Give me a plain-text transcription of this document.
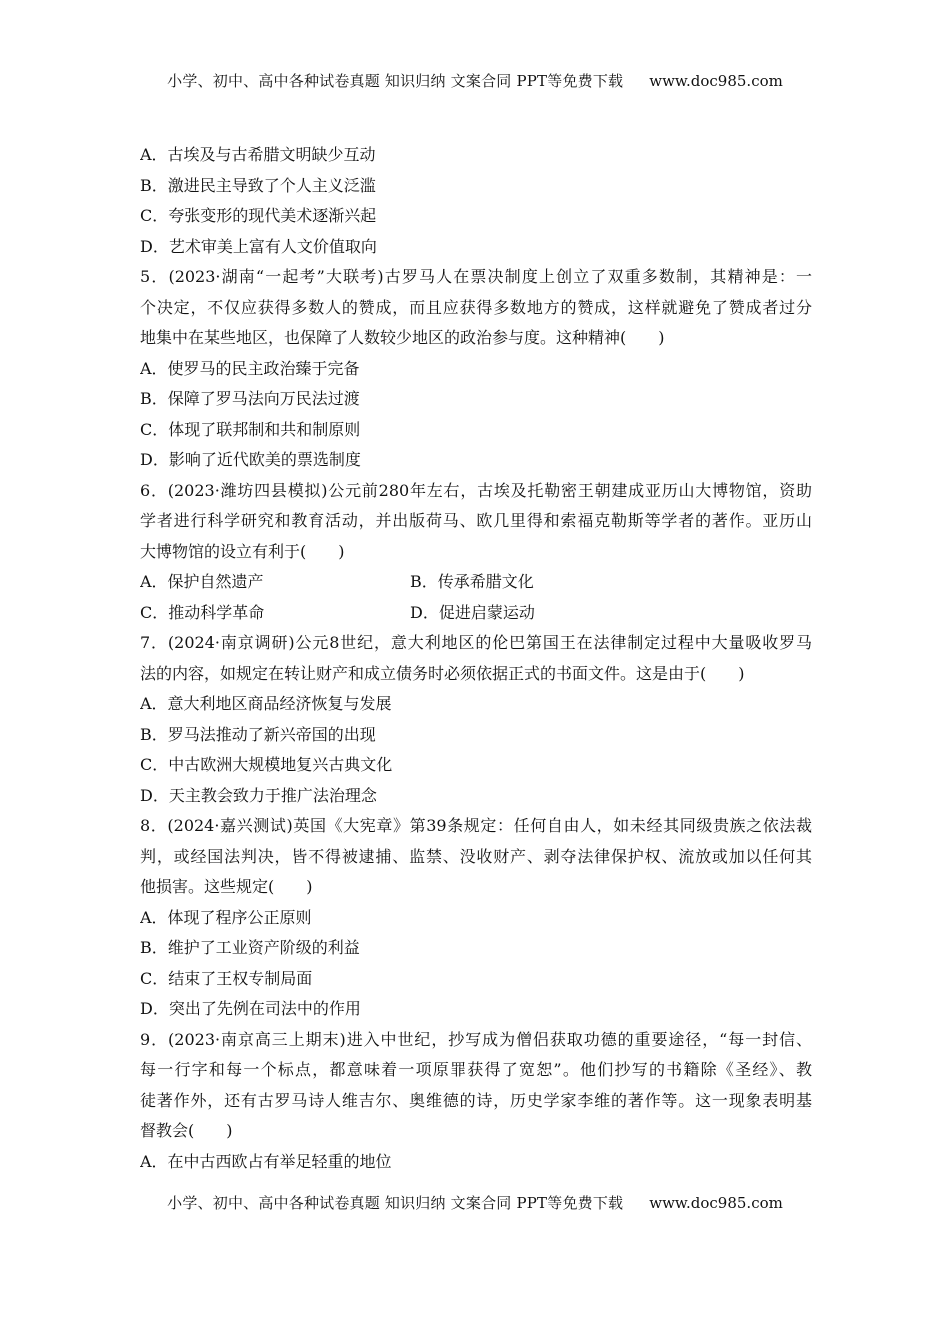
小学、初中、高中各种试卷真题 知识归纳 文案合同 PPT等免费下载 www.doc985.com
A．古埃及与古希腊文明缺少互动
B．激进民主导致了个人主义泛滥
C．夸张变形的现代美术逐渐兴起
D．艺术审美上富有人文价值取向
5．(2023·湖南“一起考”大联考)古罗马人在票决制度上创立了双重多数制，其精神是：一
个决定，不仅应获得多数人的赞成，而且应获得多数地方的赞成，这样就避免了赞成者过分
地集中在某些地区，也保障了人数较少地区的政治参与度。这种精神(　　)
A．使罗马的民主政治臻于完备
B．保障了罗马法向万民法过渡
C．体现了联邦制和共和制原则
D．影响了近代欧美的票选制度
6．(2023·潍坊四县模拟)公元前280年左右，古埃及托勒密王朝建成亚历山大博物馆，资助
学者进行科学研究和教育活动，并出版荷马、欧几里得和索福克勒斯等学者的著作。亚历山
大博物馆的设立有利于(　　)
A．保护自然遗产	B．传承希腊文化
C．推动科学革命	D．促进启蒙运动
7．(2024·南京调研)公元8世纪，意大利地区的伦巴第国王在法律制定过程中大量吸收罗马
法的内容，如规定在转让财产和成立债务时必须依据正式的书面文件。这是由于(　　)
A．意大利地区商品经济恢复与发展
B．罗马法推动了新兴帝国的出现
C．中古欧洲大规模地复兴古典文化
D．天主教会致力于推广法治理念
8．(2024·嘉兴测试)英国《大宪章》第39条规定：任何自由人，如未经其同级贵族之依法裁
判，或经国法判决，皆不得被逮捕、监禁、没收财产、剥夺法律保护权、流放或加以任何其
他损害。这些规定(　　)
A．体现了程序公正原则
B．维护了工业资产阶级的利益
C．结束了王权专制局面
D．突出了先例在司法中的作用
9．(2023·南京高三上期末)进入中世纪，抄写成为僧侣获取功德的重要途径，“每一封信、
每一行字和每一个标点，都意味着一项原罪获得了宽恕”。他们抄写的书籍除《圣经》、教
徒著作外，还有古罗马诗人维吉尔、奥维德的诗，历史学家李维的著作等。这一现象表明基
督教会(　　)
A．在中古西欧占有举足轻重的地位
小学、初中、高中各种试卷真题 知识归纳 文案合同 PPT等免费下载 www.doc985.com
